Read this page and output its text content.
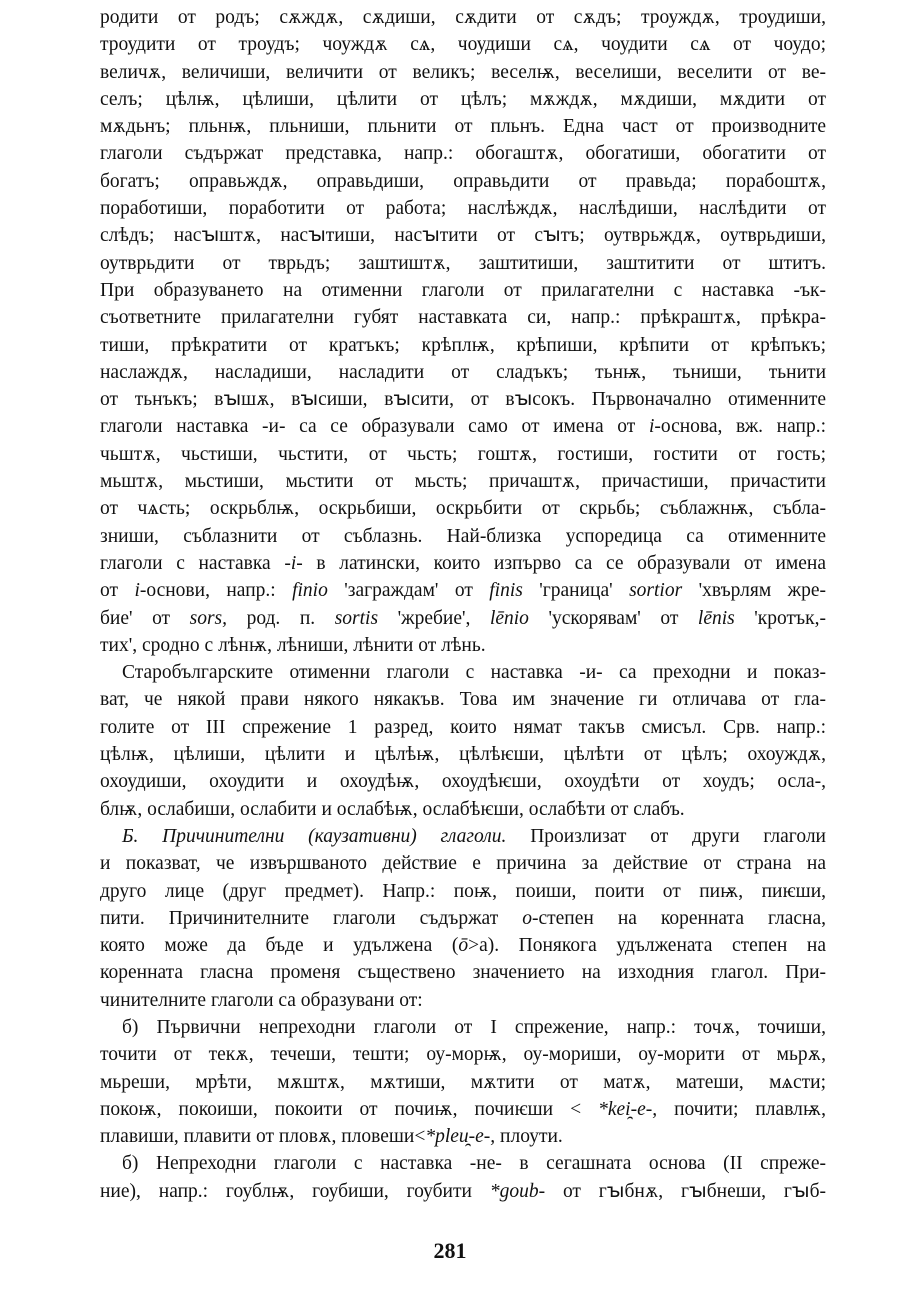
родити от родъ; сѫждѫ, сѫдиши, сѫдити от сѫдъ; троуждѫ, троудиши,
троудити от троудъ; чоуждѫ сѧ, чоудиши сѧ, чоудити сѧ от чоудо;
величѫ, величиши, величити от великъ; веселѭ, веселиши, веселити от ве-
селъ; цѣлѭ, цѣлиши, цѣлити от цѣлъ; мѫждѫ, мѫдиши, мѫдити от
мѫдьнъ; пльнѭ, пльниши, пльнити от пльнъ. Една част от производните
глаголи съдържат представка, напр.: обогаштѫ, обогатиши, обогатити от
богатъ; оправьждѫ, оправьдиши, оправьдити от правьда; порабоштѫ,
поработиши, поработити от работа; наслѣждѫ, наслѣдиши, наслѣдити от
слѣдъ; насꙑштѫ, насꙑтиши, насꙑтити от сꙑтъ; оутврьждѫ, оутврьдиши,
оутврьдити от тврьдъ; заштиштѫ, заштитиши, заштитити от штитъ.
При образуването на отименни глаголи от прилагателни с наставка -ък-
съответните прилагателни губят наставката си, напр.: прѣкраштѫ, прѣкра-
тиши, прѣкратити от кратъкъ; крѣплѭ, крѣпиши, крѣпити от крѣпъкъ;
наслаждѫ, насладиши, насладити от сладъкъ; тьнѭ, тьниши, тьнити
от тьнъкъ; вꙑшѫ, вꙑсиши, вꙑсити, от вꙑсокъ. Първоначално отименните
глаголи наставка -и- са се образували само от имена от i-основа, вж. напр.:
чьштѫ, чьстиши, чьстити, от чьсть; гоштѫ, гостиши, гостити от гость;
мьштѫ, мьстиши, мьстити от мьсть; причаштѫ, причастиши, причастити
от чѧсть; оскрьблѭ, оскрьбиши, оскрьбити от скрьбь; съблажнѭ, събла-
зниши, съблазнити от съблазнь. Най-близка успоредица са отименните
глаголи с наставка -i- в латински, които изпърво са се образували от имена
от i-основи, напр.: finio 'заграждам' от finis 'граница' sortior 'хвърлям жре-
бие' от sors, род. п. sortis 'жребие', lēnio 'ускорявам' от lēnis 'кротък,-
тих', сродно с лѣнѭ, лѣниши, лѣнити от лѣнь.
Старобългарските отименни глаголи с наставка -и- са преходни и показ-
ват, че някой прави някого някакъв. Това им значение ги отличава от гла-
голите от III спрежение 1 разред, които нямат такъв смисъл. Срв. напр.:
цѣлѭ, цѣлиши, цѣлити и цѣлѣѭ, цѣлѣѥши, цѣлѣти от цѣлъ; охоуждѫ,
охоудиши, охоудити и охоудѣѭ, охоудѣѥши, охоудѣти от хоудъ; осла-,
блѭ, ослабиши, ослабити и ослабѣѭ, ослабѣѥши, ослабѣти от слабъ.
Б. Причинителни (каузативни) глаголи. Произлизат от други глаголи
и показват, че извършваното действие е причина за действие от страна на
друго лице (друг предмет). Напр.: поѭ, поиши, поити от пиѭ, пиѥши,
пити. Причинителните глаголи съдържат о-степен на коренната гласна,
която може да бъде и удължена (ō>а). Понякога удължената степен на
коренната гласна променя съществено значението на изходния глагол. При-
чинителните глаголи са образувани от:
б) Първични непреходни глаголи от I спрежение, напр.: точѫ, точиши,
точити от текѫ, течеши, тешти; оу-морѭ, оу-мориши, оу-морити от мьрѫ,
мьреши, мрѣти, мѫштѫ, мѫтиши, мѫтити от матѫ, матеши, мѧсти;
покоѭ, покоиши, покоити от почиѭ, почиѥши < *kei̯-e-, почити; плавлѭ,
плавиши, плавити от пловѫ, пловеши<*pleu̯-e-, плоути.
б) Непреходни глаголи с наставка -не- в сегашната основа (II спреже-
ние), напр.: гоублѭ, гоубиши, гоубити *goub- от гꙑбнѫ, гꙑбнеши, гꙑб-
281
